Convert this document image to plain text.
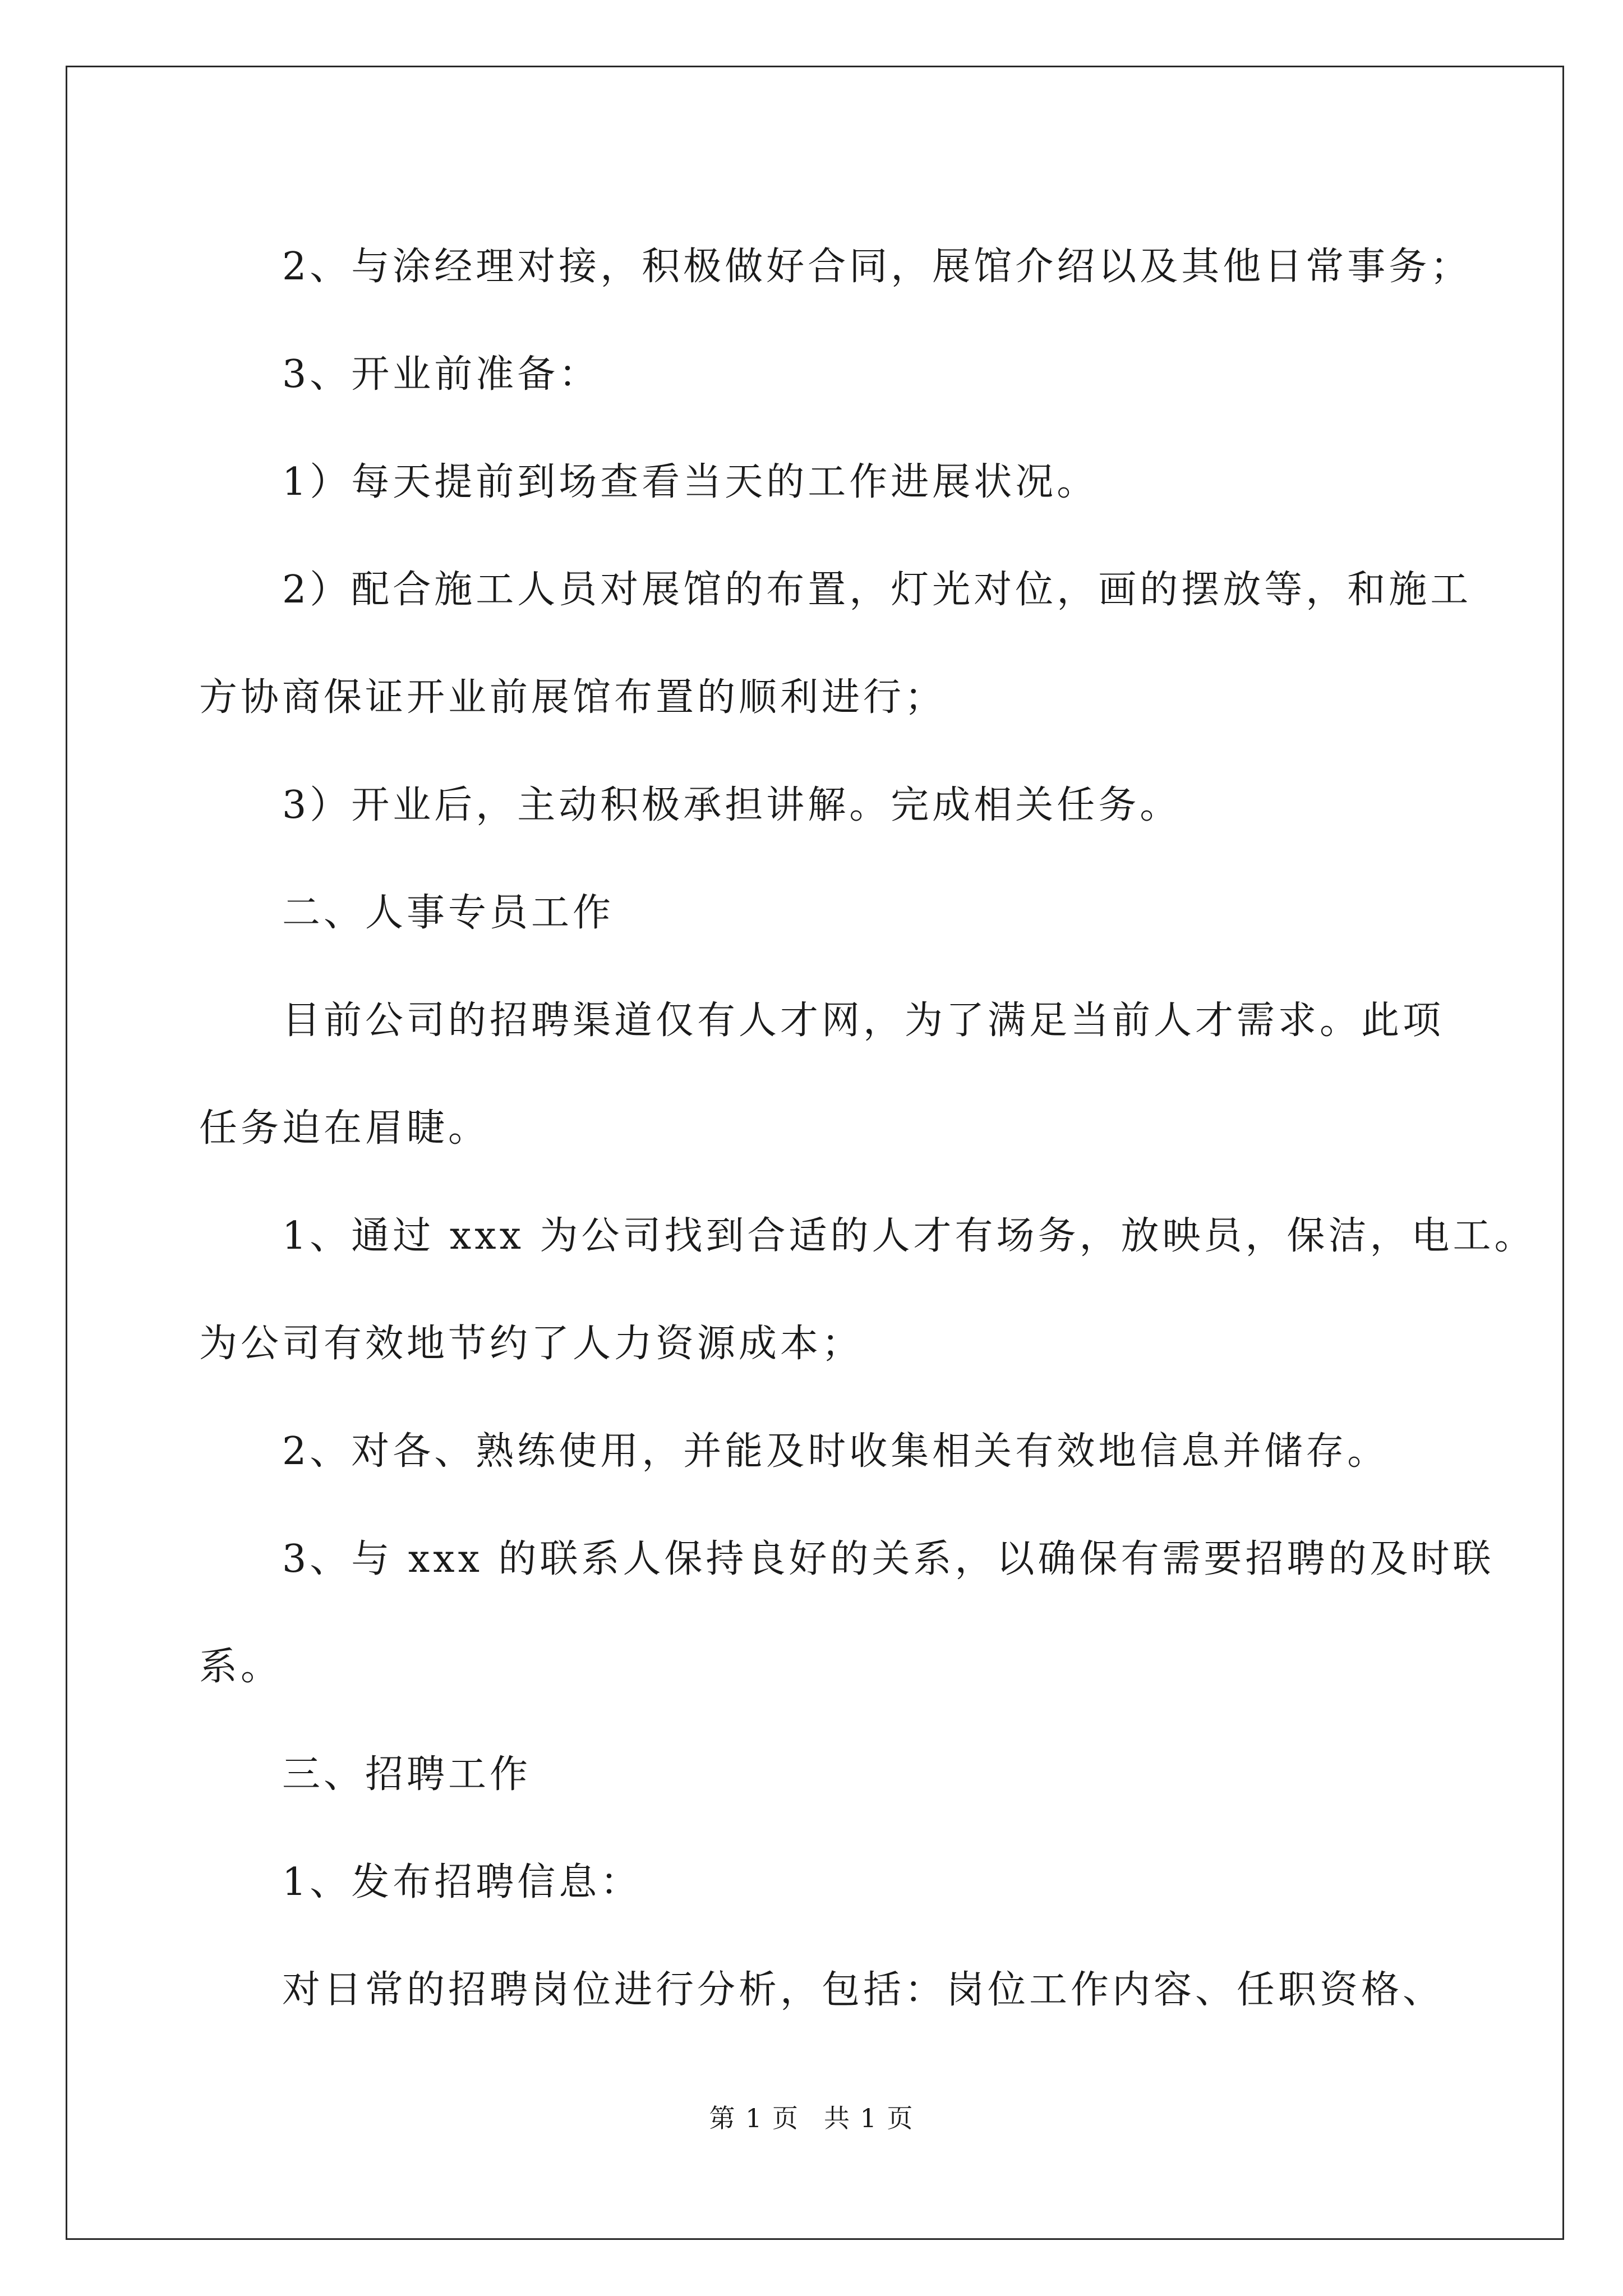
2、与涂经理对接，积极做好合同，展馆介绍以及其他日常事务；

3、开业前准备：

1）每天提前到场查看当天的工作进展状况。

2）配合施工人员对展馆的布置，灯光对位，画的摆放等，和施工

方协商保证开业前展馆布置的顺利进行；

3）开业后，主动积极承担讲解。完成相关任务。

二、人事专员工作

目前公司的招聘渠道仅有人才网，为了满足当前人才需求。此项

任务迫在眉睫。

1、通过 xxx 为公司找到合适的人才有场务，放映员，保洁，电工。

为公司有效地节约了人力资源成本；

2、对各、熟练使用，并能及时收集相关有效地信息并储存。

3、与 xxx 的联系人保持良好的关系，以确保有需要招聘的及时联

系。

三、招聘工作

1、发布招聘信息：

对日常的招聘岗位进行分析，包括：岗位工作内容、任职资格、

第 1 页 共 1 页
